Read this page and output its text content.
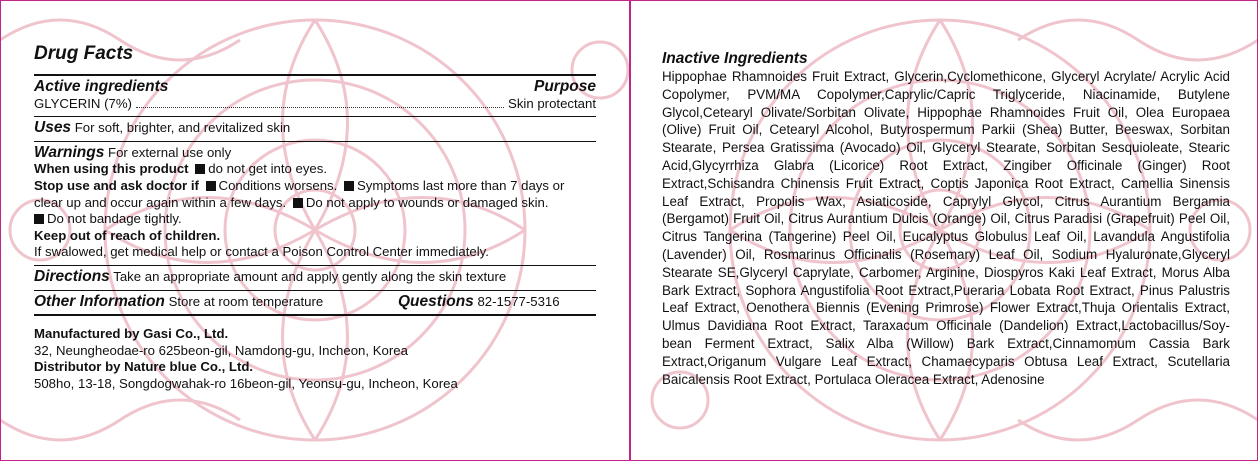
Drug Facts
Active ingredients	Purpose
GLYCERIN (7%)	Skin protectant
Uses For soft, brighter, and revitalized skin
Warnings For external use only
When using this product do not get into eyes.
Stop use and ask doctor if Conditions worsens. Symptoms last more than 7 days or clear up and occur again within a few days. Do not apply to wounds or damaged skin.
Do not bandage tightly.
Keep out of reach of children.
If swalowed, get medical help or contact a Poison Control Center immediately.
Directions Take an appropriate amount and apply gently along the skin texture
Other Information Store at room temperature	Questions 82-1577-5316
Manufactured by Gasi Co., Ltd.
32, Neungheodae-ro 625beon-gil, Namdong-gu, Incheon, Korea
Distributor by Nature blue Co., Ltd.
508ho, 13-18, Songdogwahak-ro 16beon-gil, Yeonsu-gu, Incheon, Korea
Inactive Ingredients
Hippophae Rhamnoides Fruit Extract, Glycerin,Cyclomethicone, Glyceryl Acrylate/ Acrylic Acid Copolymer, PVM/MA Copolymer,Caprylic/Capric Triglyceride, Niacinamide, Butylene Glycol,Cetearyl Olivate/Sorbitan Olivate, Hippophae Rhamnoides Fruit Oil, Olea Europaea (Olive) Fruit Oil, Cetearyl Alcohol, Butyrospermum Parkii (Shea) Butter, Beeswax, Sorbitan Stearate, Persea Gratissima (Avocado) Oil, Glyceryl Stearate, Sorbitan Sesquioleate, Stearic Acid,Glycyrrhiza Glabra (Licorice) Root Extract, Zingiber Officinale (Ginger) Root Extract,Schisandra Chinensis Fruit Extract, Coptis Japonica Root Extract, Camellia Sinensis Leaf Extract, Propolis Wax, Asiaticoside, Caprylyl Glycol, Citrus Aurantium Bergamia (Bergamot) Fruit Oil, Citrus Aurantium Dulcis (Orange) Oil, Citrus Paradisi (Grapefruit) Peel Oil, Citrus Tangerina (Tangerine) Peel Oil, Eucalyptus Globulus Leaf Oil, Lavandula Angustifolia (Lavender) Oil, Rosmarinus Officinalis (Rosemary) Leaf Oil, Sodium Hyaluronate,Glyceryl Stearate SE,Glyceryl Caprylate, Carbomer, Arginine, Diospyros Kaki Leaf Extract, Morus Alba Bark Extract, Sophora Angustifolia Root Extract,Pueraria Lobata Root Extract, Pinus Palustris Leaf Extract, Oenothera Biennis (Evening Primrose) Flower Extract,Thuja Orientalis Extract, Ulmus Davidiana Root Extract, Taraxacum Officinale (Dandelion) Extract,Lactobacillus/Soy-bean Ferment Extract, Salix Alba (Willow) Bark Extract,Cinnamomum Cassia Bark Extract,Origanum Vulgare Leaf Extract, Chamaecyparis Obtusa Leaf Extract, Scutellaria Baicalensis Root Extract, Portulaca Oleracea Extract, Adenosine
